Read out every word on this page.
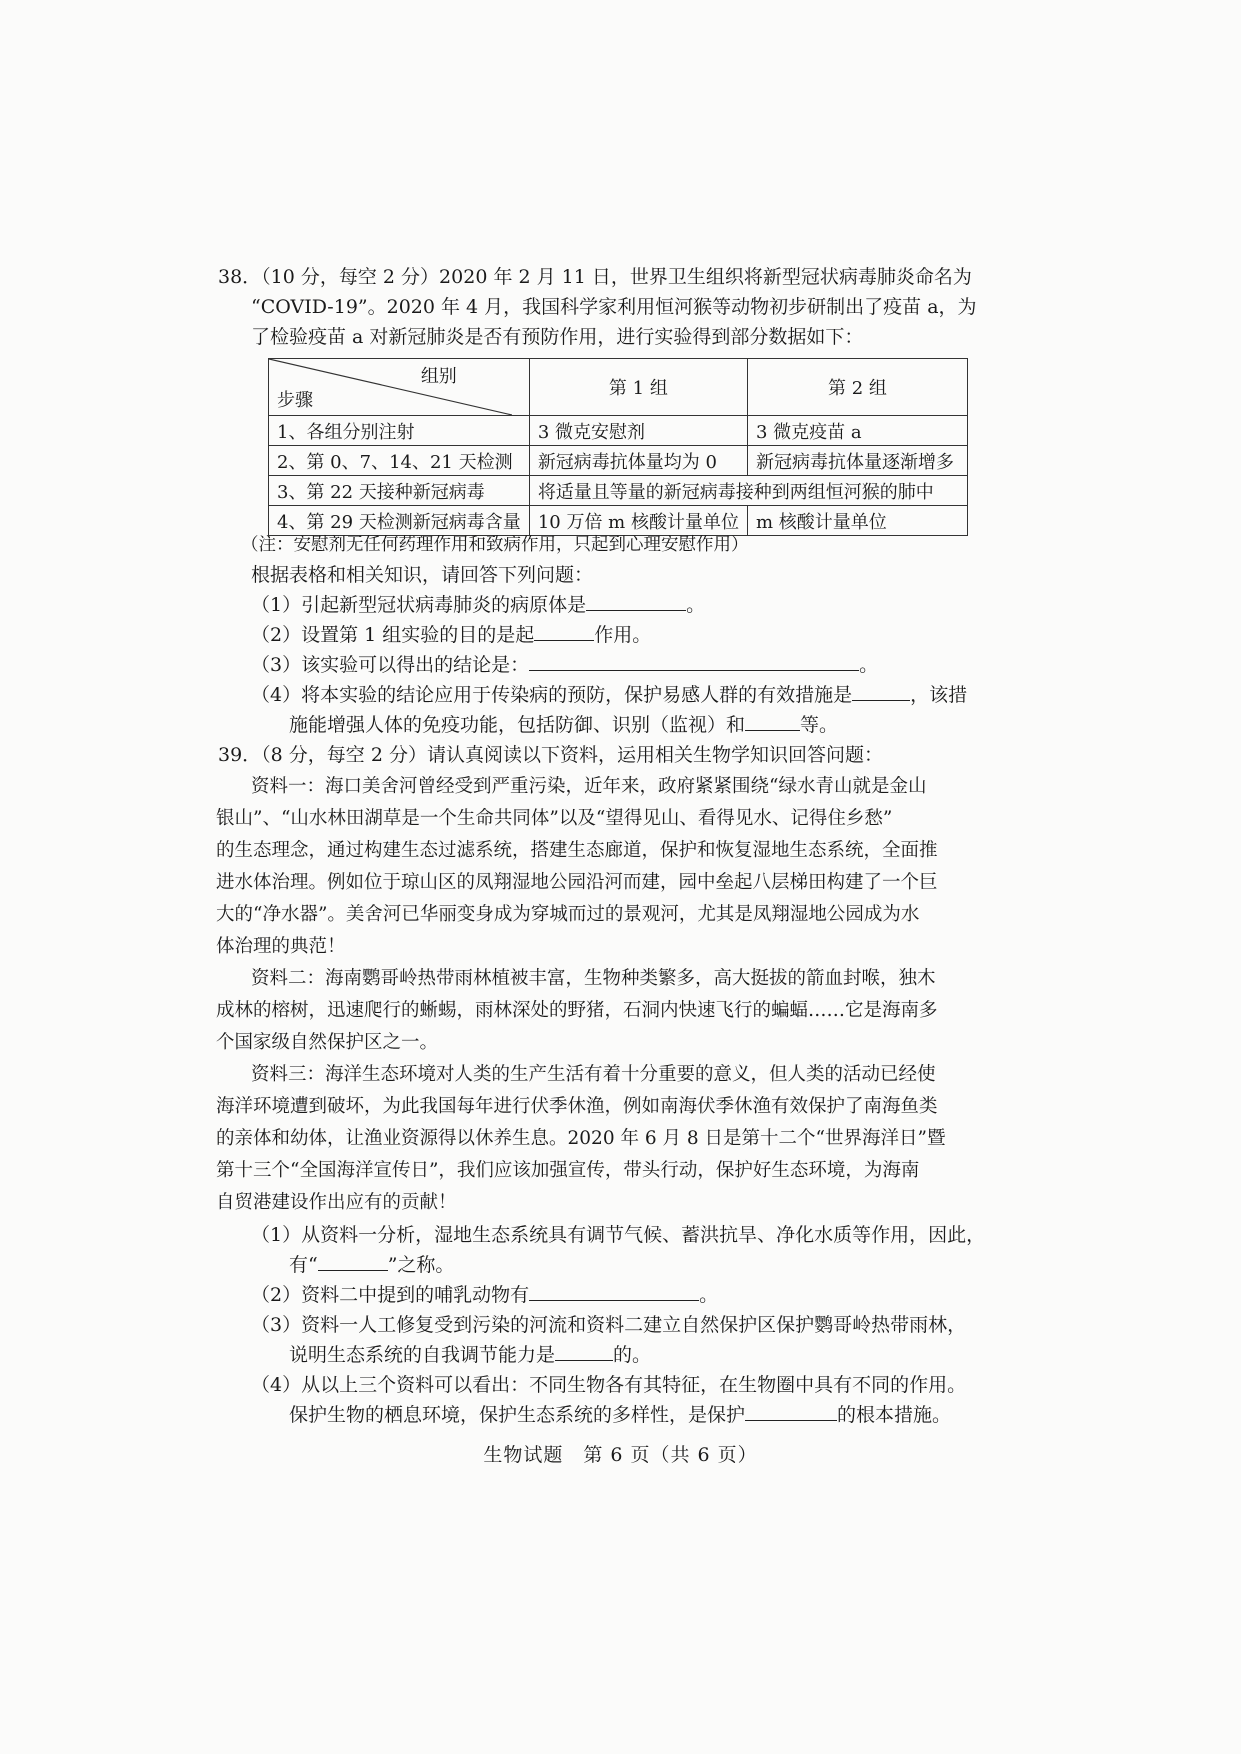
38．（10 分，每空 2 分）2020 年 2 月 11 日，世界卫生组织将新型冠状病毒肺炎命名为
“COVID-19”。2020 年 4 月，我国科学家利用恒河猴等动物初步研制出了疫苗 a，为
了检验疫苗 a 对新冠肺炎是否有预防作用，进行实验得到部分数据如下：
组别
步骤	第 1 组	第 2 组
1、各组分别注射	3 微克安慰剂	3 微克疫苗 a
2、第 0、7、14、21 天检测	新冠病毒抗体量均为 0	新冠病毒抗体量逐渐增多
3、第 22 天接种新冠病毒	将适量且等量的新冠病毒接种到两组恒河猴的肺中	
4、第 29 天检测新冠病毒含量	10 万倍 m 核酸计量单位	m 核酸计量单位
（注：安慰剂无任何药理作用和致病作用，只起到心理安慰作用）
根据表格和相关知识，请回答下列问题：
（1）引起新型冠状病毒肺炎的病原体是	。
（2）设置第 1 组实验的目的是起	作用。
（3）该实验可以得出的结论是：	。
（4）将本实验的结论应用于传染病的预防，保护易感人群的有效措施是	，该措
施能增强人体的免疫功能，包括防御、识别（监视）和	等。
39．（8 分，每空 2 分）请认真阅读以下资料，运用相关生物学知识回答问题：
资料一：海口美舍河曾经受到严重污染，近年来，政府紧紧围绕“绿水青山就是金山
银山”、“山水林田湖草是一个生命共同体”以及“望得见山、看得见水、记得住乡愁”
的生态理念，通过构建生态过滤系统，搭建生态廊道，保护和恢复湿地生态系统，全面推
进水体治理。例如位于琼山区的凤翔湿地公园沿河而建，园中垒起八层梯田构建了一个巨
大的“净水器”。美舍河已华丽变身成为穿城而过的景观河，尤其是凤翔湿地公园成为水
体治理的典范！
资料二：海南鹦哥岭热带雨林植被丰富，生物种类繁多，高大挺拔的箭血封喉，独木
成林的榕树，迅速爬行的蜥蜴，雨林深处的野猪，石洞内快速飞行的蝙蝠……它是海南多
个国家级自然保护区之一。
资料三：海洋生态环境对人类的生产生活有着十分重要的意义，但人类的活动已经使
海洋环境遭到破坏，为此我国每年进行伏季休渔，例如南海伏季休渔有效保护了南海鱼类
的亲体和幼体，让渔业资源得以休养生息。2020 年 6 月 8 日是第十二个“世界海洋日”暨
第十三个“全国海洋宣传日”，我们应该加强宣传，带头行动，保护好生态环境，为海南
自贸港建设作出应有的贡献！
（1）从资料一分析，湿地生态系统具有调节气候、蓄洪抗旱、净化水质等作用，因此，
有“	”之称。
（2）资料二中提到的哺乳动物有	。
（3）资料一人工修复受到污染的河流和资料二建立自然保护区保护鹦哥岭热带雨林，
说明生态系统的自我调节能力是	的。
（4）从以上三个资料可以看出：不同生物各有其特征，在生物圈中具有不同的作用。
保护生物的栖息环境，保护生态系统的多样性，是保护	的根本措施。
生物试题　第 6 页（共 6 页）
